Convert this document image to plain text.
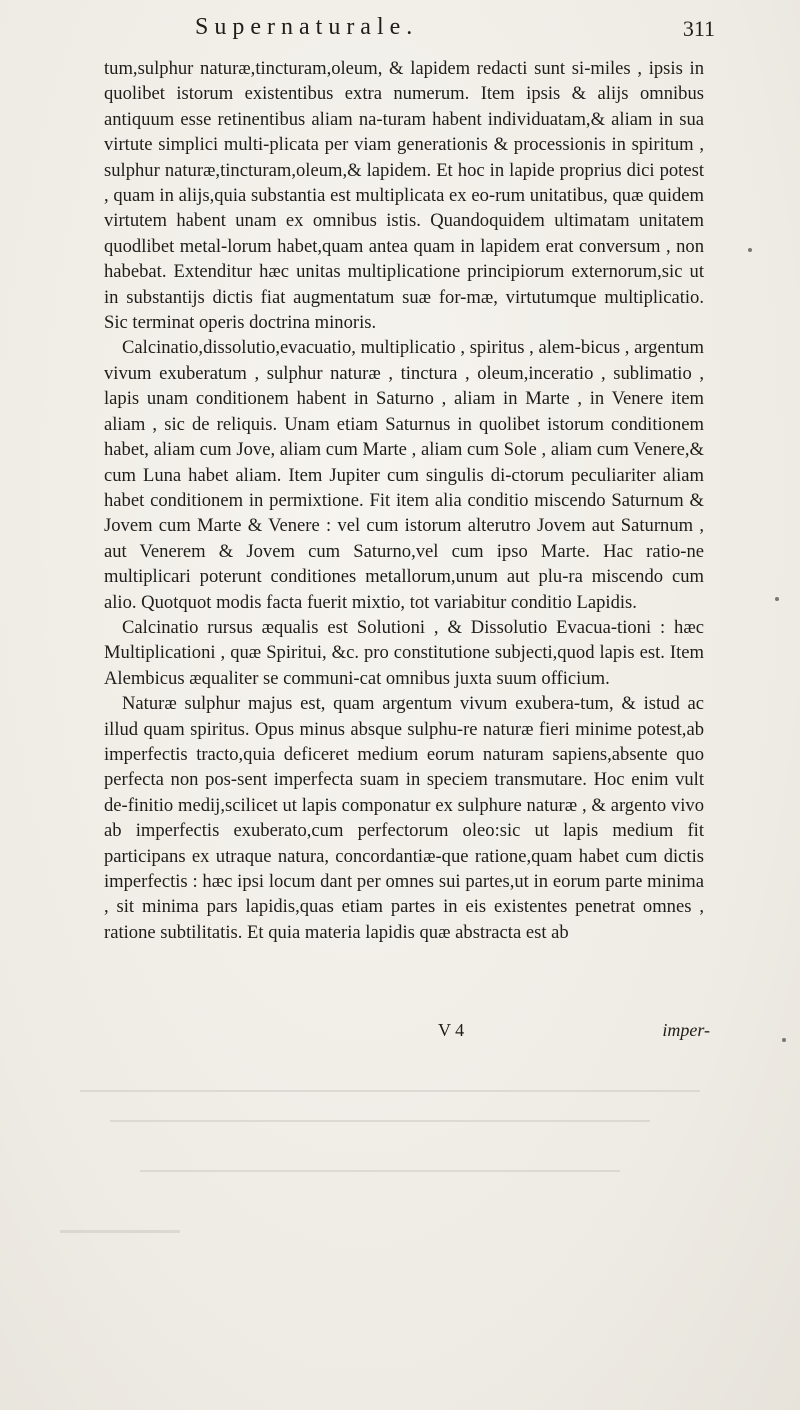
Supernaturale.	311

tum,sulphur naturæ,tincturam,oleum, & lapidem redacti sunt si-miles , ipsis in quolibet istorum existentibus extra numerum. Item ipsis & alijs omnibus antiquum esse retinentibus aliam na-turam habent individuatam,& aliam in sua virtute simplici multi-plicata per viam generationis & processionis in spiritum , sulphur naturæ,tincturam,oleum,& lapidem. Et hoc in lapide proprius dici potest , quam in alijs,quia substantia est multiplicata ex eo-rum unitatibus, quæ quidem virtutem habent unam ex omnibus istis. Quandoquidem ultimatam unitatem quodlibet metal-lorum habet,quam antea quam in lapidem erat conversum , non habebat. Extenditur hæc unitas multiplicatione principiorum externorum,sic ut in substantijs dictis fiat augmentatum suæ for-mæ, virtutumque multiplicatio. Sic terminat operis doctrina minoris.

Calcinatio,dissolutio,evacuatio, multiplicatio , spiritus , alem-bicus , argentum vivum exuberatum , sulphur naturæ , tinctura , oleum,inceratio , sublimatio , lapis unam conditionem habent in Saturno , aliam in Marte , in Venere item aliam , sic de reliquis. Unam etiam Saturnus in quolibet istorum conditionem habet, aliam cum Jove, aliam cum Marte , aliam cum Sole , aliam cum Venere,& cum Luna habet aliam. Item Jupiter cum singulis di-ctorum peculiariter aliam habet conditionem in permixtione. Fit item alia conditio miscendo Saturnum & Jovem cum Marte & Venere : vel cum istorum alterutro Jovem aut Saturnum , aut Venerem & Jovem cum Saturno,vel cum ipso Marte. Hac ratio-ne multiplicari poterunt conditiones metallorum,unum aut plu-ra miscendo cum alio. Quotquot modis facta fuerit mixtio, tot variabitur conditio Lapidis.

Calcinatio rursus æqualis est Solutioni , & Dissolutio Evacua-tioni : hæc Multiplicationi , quæ Spiritui, &c. pro constitutione subjecti,quod lapis est. Item Alembicus æqualiter se communi-cat omnibus juxta suum officium.

Naturæ sulphur majus est, quam argentum vivum exubera-tum, & istud ac illud quam spiritus. Opus minus absque sulphu-re naturæ fieri minime potest,ab imperfectis tracto,quia deficeret medium eorum naturam sapiens,absente quo perfecta non pos-sent imperfecta suam in speciem transmutare. Hoc enim vult de-finitio medij,scilicet ut lapis componatur ex sulphure naturæ , & argento vivo ab imperfectis exuberato,cum perfectorum oleo:sic ut lapis medium fit participans ex utraque natura, concordantiæ-que ratione,quam habet cum dictis imperfectis : hæc ipsi locum dant per omnes sui partes,ut in eorum parte minima , sit minima pars lapidis,quas etiam partes in eis existentes penetrat omnes , ratione subtilitatis. Et quia materia lapidis quæ abstracta est ab

V 4	imper-
